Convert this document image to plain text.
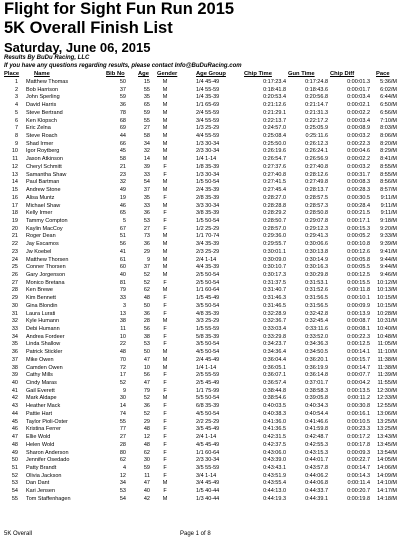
Flight for Sight Fun Run 2015
5K Overall Finish List
Saturday, June 06, 2015
Results By BuDu Racing, LLC
If you have any questions regarding results, please contact Info@BuDuRacing.com
Place	Name	Bib No Age Gender	Age Group	Chip Time	Gun Time	Chip Diff	Pace
1 Matthew Thomas	50	15	M	1/4 45-49	0:17:23.4	0:17:24.8	0:00:01.3	5:36/M
2 Bob Harrison	37	55	M	1/4 55-59	0:18:41.8	0:18:43.6	0:00:01.7	6:02/M
3 John Sperling	59	35	M	1/4 35-39	0:20:53.4	0:20:56.8	0:00:03.4	6:44/M
4 David Harris	36	65	M	1/1 65-69	0:21:12.6	0:21:14.7	0:00:02.1	6:50/M
5 Steve Bertrand	78	59	M	2/4 55-59	0:21:29.1	0:21:31.3	0:00:02.2	6:56/M
6 Ken Klopsch	68	55	M	3/4 55-59	0:22:13.7	0:22:17.2	0:00:03.4	7:10/M
7 Eric Zelna	69	27	M	1/3 25-29	0:24:57.0	0:25:05.9	0:00:08.9	8:03/M
8 Steve Roach	44	58	M	4/4 55-59	0:25:08.4	0:25:11.6	0:00:03.2	8:06/M
9 Shad Irmer	66	34	M	1/3 30-34	0:25:50.0	0:26:12.3	0:00:22.3	8:20/M
10 Igor Roytberg	45	32	M	2/3 30-34	0:26:19.6	0:26:24.1	0:00:04.6	8:29/M
11 Jason Atkinson	58	14	M	1/4 1-14	0:26:54.7	0:26:56.9	0:00:02.2	8:41/M
12 Cheryl Schmitt	21	39	F	1/8 35-39	0:27:37.6	0:27:40.8	0:00:03.2	8:55/M
13 Samantha Shaw	23	33	F	1/3 30-34	0:27:40.8	0:28:12.6	0:00:31.7	8:55/M
14 Paul Bartman	32	54	M	1/5 50-54	0:27:41.5	0:27:49.8	0:00:08.3	8:56/M
15 Andrew Stone	49	37	M	2/4 35-39	0:27:45.4	0:28:13.7	0:00:28.3	8:57/M
16 Alisa Muntz	19	35	F	2/8 35-39	0:28:27.0	0:28:57.5	0:00:30.5	9:11/M
17 Michael Shaw	46	33	M	3/3 30-34	0:28:28.8	0:28:57.3	0:00:28.4	9:11/M
18 Kelly Irmer	65	36	F	3/8 35-39	0:28:29.2	0:28:50.8	0:00:21.5	9:11/M
19 Tammy Compton	5	53	F	1/5 50-54	0:28:50.7	0:29:07.8	0:00:17.1	9:18/M
20 Kaylin MacCoy	67	27	F	1/2 25-29	0:28:57.0	0:29:12.3	0:00:15.3	9:20/M
21 Roger Dean	51	73	M	1/1 70-74	0:29:36.0	0:29:41.3	0:00:05.2	9:33/M
22 Jay Escamos	56	36	M	3/4 35-39	0:29:55.7	0:30:06.6	0:00:10.8	9:39/M
23 Jw Koebel	41	29	M	2/3 25-29	0:30:01.1	0:30:13.8	0:00:12.6	9:41/M
24 Matthew Thorsen	61	9	M	2/4 1-14	0:30:09.0	0:30:14.9	0:00:05.8	9:44/M
25 Conner Thorsen	60	37	M	4/4 35-39	0:30:10.7	0:30:16.3	0:00:05.5	9:44/M
26 Gary Jorgenson	40	52	M	2/5 50-54	0:30:17.3	0:30:29.8	0:00:12.5	9:46/M
27 Monico Bretana	81	52	F	2/5 50-54	0:31:37.5	0:31:53.1	0:00:15.5	10:12/M
28 Ken Brewe	79	62	M	1/1 60-64	0:31:40.7	0:31:52.6	0:00:11.8	10:13/M
29 Kim Bennett	33	48	F	1/5 45-49	0:31:46.3	0:31:56.5	0:00:10.1	10:15/M
30 Gina Blondin	3	50	F	3/5 50-54	0:31:46.5	0:31:56.5	0:00:09.9	10:15/M
31 Laura Lurati	13	36	F	4/8 35-39	0:32:28.9	0:32:42.8	0:00:13.9	10:28/M
32 Kyle Humann	38	28	M	3/3 25-29	0:32:36.7	0:32:45.4	0:00:08.7	10:31/M
33 Debi Humann	11	56	F	1/5 55-59	0:33:03.4	0:33:11.6	0:00:08.1	10:40/M
34 Andrea Fordeer	10	38	F	5/8 35-39	0:33:29.8	0:33:52.0	0:00:22.3	10:48/M
35 Linda Shallow	22	53	F	3/5 50-54	0:34:23.7	0:34:36.3	0:00:12.5	11:05/M
36 Patrick Stickler	48	50	M	4/5 50-54	0:34:36.4	0:34:50.5	0:00:14.1	11:10/M
37 Mike Owen	70	47	M	2/4 45-49	0:36:04.4	0:36:20.1	0:00:15.7	11:38/M
38 Camden Owen	72	10	M	1/4 1-14	0:36:05.1	0:36:19.9	0:00:14.7	11:38/M
39 Cathy Mills	17	56	F	2/5 55-59	0:36:07.1	0:36:14.8	0:00:07.7	11:39/M
40 Cindy Maras	52	47	F	2/5 45-49	0:36:57.4	0:37:01.7	0:00:04.2	11:55/M
41 Gail Everett	9	79	F	1/1 75-99	0:38:44.8	0:38:58.3	0:00:13.5	12:30/M
42 Mark Aldape	30	52	M	5/5 50-54	0:38:54.6	0:39:05.8	0:00:11.2	12:33/M
43 Heather Mack	14	36	F	6/8 35-39	0:40:03.5	0:40:34.3	0:00:30.8	12:55/M
44 Pattie Hart	74	52	F	4/5 50-54	0:40:38.3	0:40:54.4	0:00:16.1	13:06/M
45 Taylor Pioli-Oster	55	29	F	2/2 25-29	0:41:36.0	0:41:46.6	0:00:10.5	13:25/M
46 Kristina Ferrer	77	48	F	3/5 45-49	0:41:36.5	0:41:59.8	0:00:23.3	13:25/M
47 Ellie Wold	27	12	F	2/4 1-14	0:42:31.5	0:42:48.7	0:00:17.2	13:43/M
48 Helen Wold	28	48	F	4/5 45-49	0:42:37.5	0:42:55.3	0:00:17.8	13:45/M
49 Sharon Anderson	80	62	F	1/1 60-64	0:43:06.0	0:43:15.3	0:00:09.3	13:54/M
50 Jennifer Osedado	62	30	F	2/3 30-34	0:43:39.0	0:44:01.7	0:00:22.7	14:05/M
51 Patty Brandt	4	59	F	3/5 55-59	0:43:43.1	0:43:57.8	0:00:14.7	14:06/M
52 Olivia Jackson	12	11	F	3/4 1-14	0:43:51.9	0:44:06.2	0:00:14.3	14:09/M
53 Dan Dant	34	47	M	3/4 45-49	0:43:55.4	0:44:06.8	0:00:11.4	14:10/M
54 Kari Jensen	53	40	F	1/5 40-44	0:44:13.0	0:44:33.7	0:00:20.7	14:17/M
55 Tom Staffenhagen	54	42	M	1/3 40-44	0:44:19.3	0:44:39.1	0:00:19.8	14:18/M
5K Overall	Page 1 of 8
